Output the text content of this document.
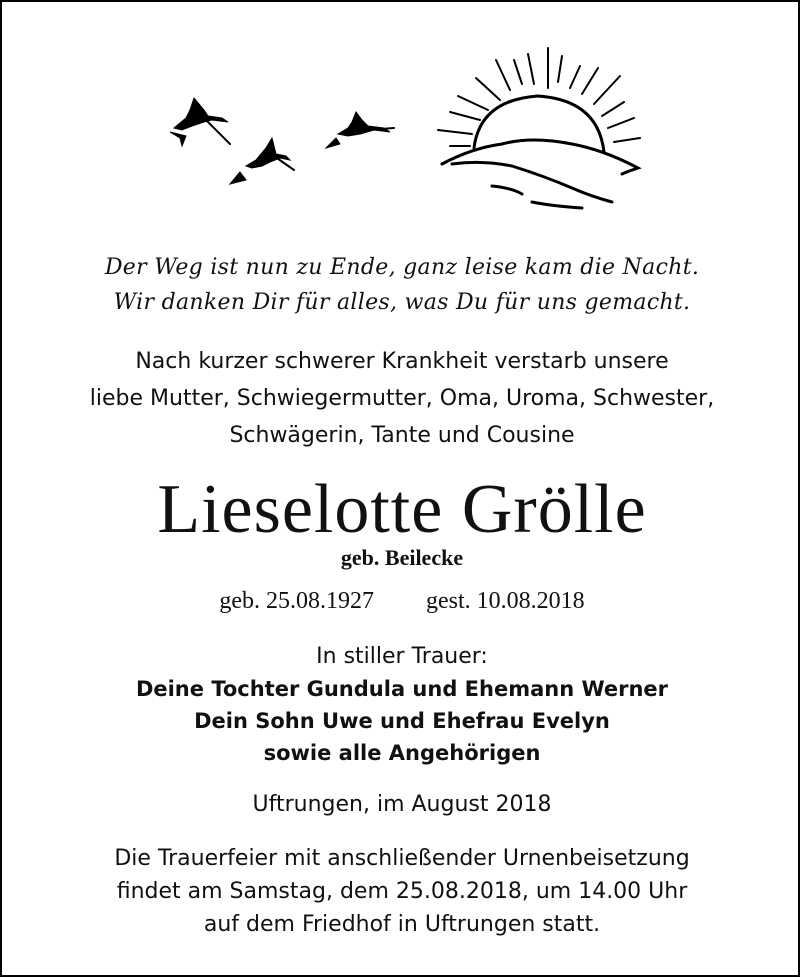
Der Weg ist nun zu Ende, ganz leise kam die Nacht.
Wir danken Dir für alles, was Du für uns gemacht.
Nach kurzer schwerer Krankheit verstarb unsere
liebe Mutter, Schwiegermutter, Oma, Uroma, Schwester,
Schwägerin, Tante und Cousine
Lieselotte Grölle
geb. Beilecke
geb. 25.08.1927 gest. 10.08.2018
In stiller Trauer:
Deine Tochter Gundula und Ehemann Werner
Dein Sohn Uwe und Ehefrau Evelyn
sowie alle Angehörigen
Uftrungen, im August 2018
Die Trauerfeier mit anschließender Urnenbeisetzung
findet am Samstag, dem 25.08.2018, um 14.00 Uhr
auf dem Friedhof in Uftrungen statt.
